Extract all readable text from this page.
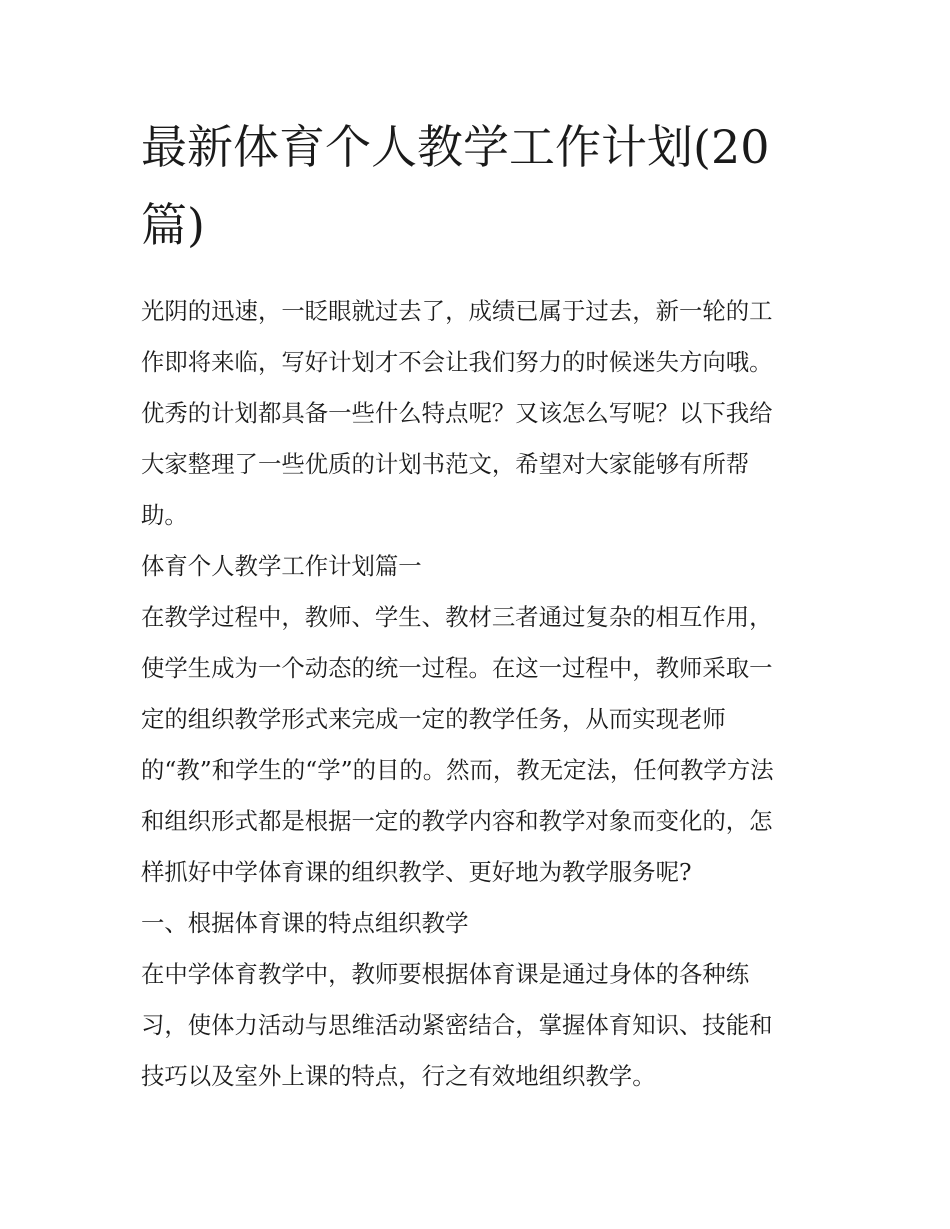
最新体育个人教学工作计划(20
篇)
光阴的迅速，一眨眼就过去了，成绩已属于过去，新一轮的工
作即将来临，写好计划才不会让我们努力的时候迷失方向哦。
优秀的计划都具备一些什么特点呢？又该怎么写呢？以下我给
大家整理了一些优质的计划书范文，希望对大家能够有所帮
助。
体育个人教学工作计划篇一
在教学过程中，教师、学生、教材三者通过复杂的相互作用，
使学生成为一个动态的统一过程。在这一过程中，教师采取一
定的组织教学形式来完成一定的教学任务，从而实现老师
的“教”和学生的“学”的目的。然而，教无定法，任何教学方法
和组织形式都是根据一定的教学内容和教学对象而变化的，怎
样抓好中学体育课的组织教学、更好地为教学服务呢?
一、根据体育课的特点组织教学
在中学体育教学中，教师要根据体育课是通过身体的各种练
习，使体力活动与思维活动紧密结合，掌握体育知识、技能和
技巧以及室外上课的特点，行之有效地组织教学。
